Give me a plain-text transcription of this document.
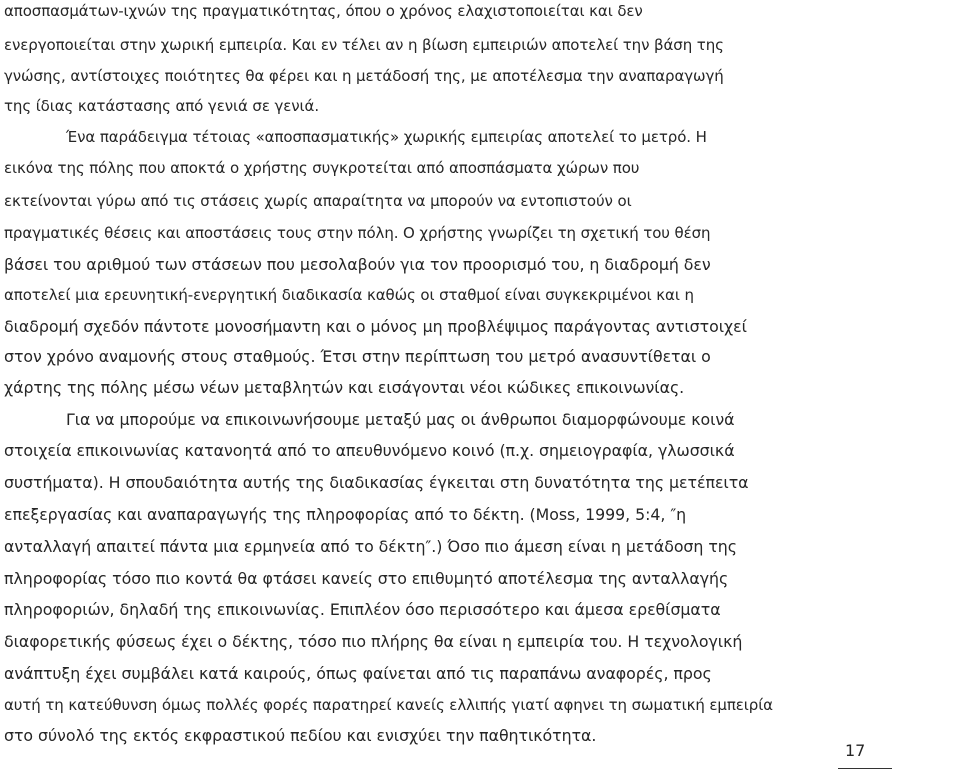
αποσπασμάτων-ιχνών της πραγματικότητας, όπου ο χρόνος ελαχιστοποιείται και δεν
ενεργοποιείται στην χωρική εμπειρία. Και εν τέλει αν η βίωση εμπειριών αποτελεί την βάση της
γνώσης, αντίστοιχες ποιότητες θα φέρει και η μετάδοσή της, με αποτέλεσμα την αναπαραγωγή
της ίδιας κατάστασης από γενιά σε γενιά.
Ένα παράδειγμα τέτοιας «αποσπασματικής» χωρικής εμπειρίας αποτελεί το μετρό. Η
εικόνα της πόλης που αποκτά ο χρήστης συγκροτείται από αποσπάσματα χώρων που
εκτείνονται γύρω από τις στάσεις χωρίς απαραίτητα να μπορούν να εντοπιστούν οι
πραγματικές θέσεις και αποστάσεις τους στην πόλη. Ο χρήστης γνωρίζει τη σχετική του θέση
βάσει του αριθμού των στάσεων που μεσολαβούν για τον προορισμό του, η διαδρομή δεν
αποτελεί μια ερευνητική-ενεργητική διαδικασία καθώς οι σταθμοί είναι συγκεκριμένοι και η
διαδρομή σχεδόν πάντοτε μονοσήμαντη και ο μόνος μη προβλέψιμος παράγοντας αντιστοιχεί
στον χρόνο αναμονής στους σταθμούς. Έτσι στην περίπτωση του μετρό ανασυντίθεται ο
χάρτης της πόλης μέσω νέων μεταβλητών και εισάγονται νέοι κώδικες επικοινωνίας.
Για να μπορούμε να επικοινωνήσουμε μεταξύ μας οι άνθρωποι διαμορφώνουμε κοινά
στοιχεία επικοινωνίας κατανοητά από το απευθυνόμενο κοινό (π.χ. σημειογραφία, γλωσσικά
συστήματα). Η σπουδαιότητα αυτής της διαδικασίας έγκειται στη δυνατότητα της μετέπειτα
επεξεργασίας και αναπαραγωγής της πληροφορίας από το δέκτη. (Moss, 1999, 5:4, ″η
ανταλλαγή απαιτεί πάντα μια ερμηνεία από το δέκτη″.) Όσο πιο άμεση είναι η μετάδοση της
πληροφορίας τόσο πιο κοντά θα φτάσει κανείς στο επιθυμητό αποτέλεσμα της ανταλλαγής
πληροφοριών, δηλαδή της επικοινωνίας. Επιπλέον όσο περισσότερο και άμεσα ερεθίσματα
διαφορετικής φύσεως έχει ο δέκτης, τόσο πιο πλήρης θα είναι η εμπειρία του. Η τεχνολογική
ανάπτυξη έχει συμβάλει κατά καιρούς, όπως φαίνεται από τις παραπάνω αναφορές, προς
αυτή τη κατεύθυνση όμως πολλές φορές παρατηρεί κανείς ελλιπής γιατί αφηνει τη σωματική εμπειρία
στο σύνολό της εκτός εκφραστικού πεδίου και ενισχύει την παθητικότητα.
17
